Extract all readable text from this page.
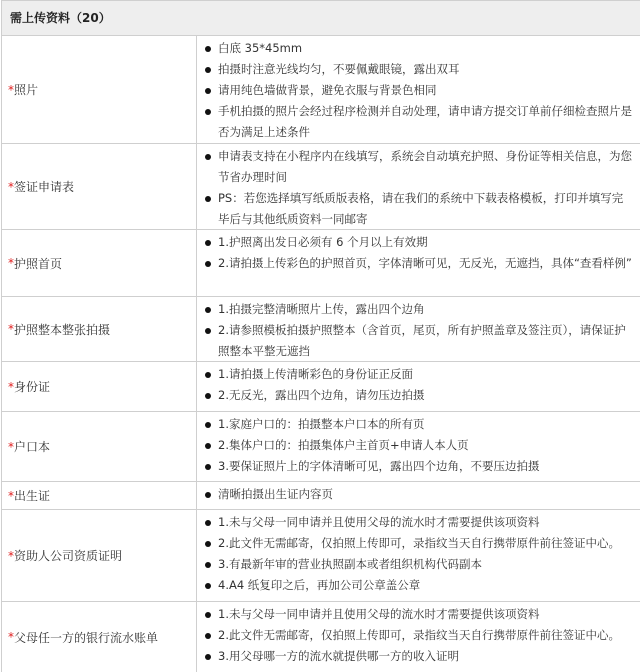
需上传资料（20）
* 照片
白底 35*45mm
拍摄时注意光线均匀，不要佩戴眼镜，露出双耳
请用纯色墙做背景，避免衣服与背景色相同
手机拍摄的照片会经过程序检测并自动处理，请申请方提交订单前仔细检查照片是否为满足上述条件
* 签证申请表
申请表支持在小程序内在线填写，系统会自动填充护照、身份证等相关信息，为您节省办理时间
PS：若您选择填写纸质版表格，请在我们的系统中下载表格模板，打印并填写完毕后与其他纸质资料一同邮寄
* 护照首页
1.护照离出发日必须有 6 个月以上有效期
2.请拍摄上传彩色的护照首页，字体清晰可见，无反光，无遮挡，具体“查看样例”
* 护照整本整张拍摄
1.拍摄完整清晰照片上传，露出四个边角
2.请参照模板拍摄护照整本（含首页，尾页，所有护照盖章及签注页），请保证护照整本平整无遮挡
* 身份证
1.请拍摄上传清晰彩色的身份证正反面
2.无反光，露出四个边角，请勿压边拍摄
* 户口本
1.家庭户口的：拍摄整本户口本的所有页
2.集体户口的：拍摄集体户主首页+申请人本人页
3.要保证照片上的字体清晰可见，露出四个边角，不要压边拍摄
* 出生证	清晰拍摄出生证内容页
* 资助人公司资质证明
1.未与父母一同申请并且使用父母的流水时才需要提供该项资料
2.此文件无需邮寄，仅拍照上传即可，录指纹当天自行携带原件前往签证中心。
3.有最新年审的营业执照副本或者组织机构代码副本
4.A4 纸复印之后，再加公司公章盖公章
* 父母任一方的银行流水账单
1.未与父母一同申请并且使用父母的流水时才需要提供该项资料
2.此文件无需邮寄，仅拍照上传即可，录指纹当天自行携带原件前往签证中心。
3.用父母哪一方的流水就提供哪一方的收入证明
